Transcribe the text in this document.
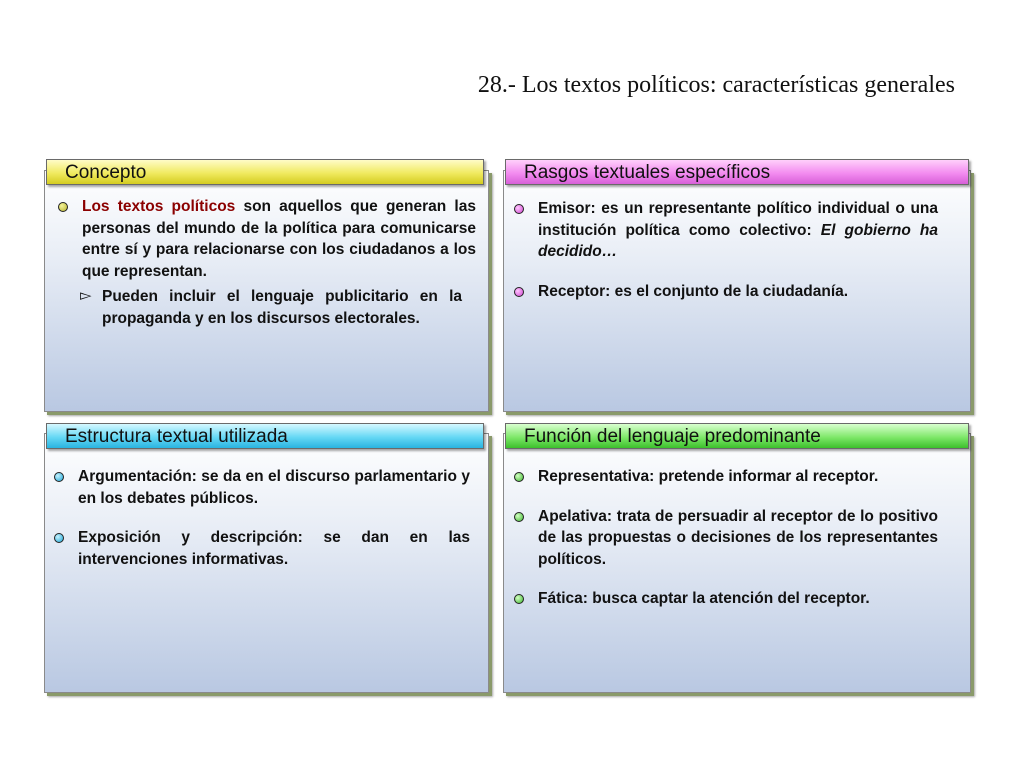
28.- Los textos políticos: características generales
Concepto
Los textos políticos son aquellos que generan las personas del mundo de la política para comunicarse entre sí y para relacionarse con los ciudadanos a los que representan.
▻ Pueden incluir el lenguaje publicitario en la propaganda y en los discursos electorales.
Rasgos textuales específicos
Emisor: es un representante político individual o una institución política como colectivo: El gobierno ha decidido…
Receptor: es el conjunto de la ciudadanía.
Estructura textual utilizada
Argumentación: se da en el discurso parlamentario y en los debates públicos.
Exposición y descripción: se dan en las intervenciones informativas.
Función del lenguaje predominante
Representativa: pretende informar al receptor.
Apelativa: trata de persuadir al receptor de lo positivo de las propuestas o decisiones de los representantes políticos.
Fática: busca captar la atención del receptor.
